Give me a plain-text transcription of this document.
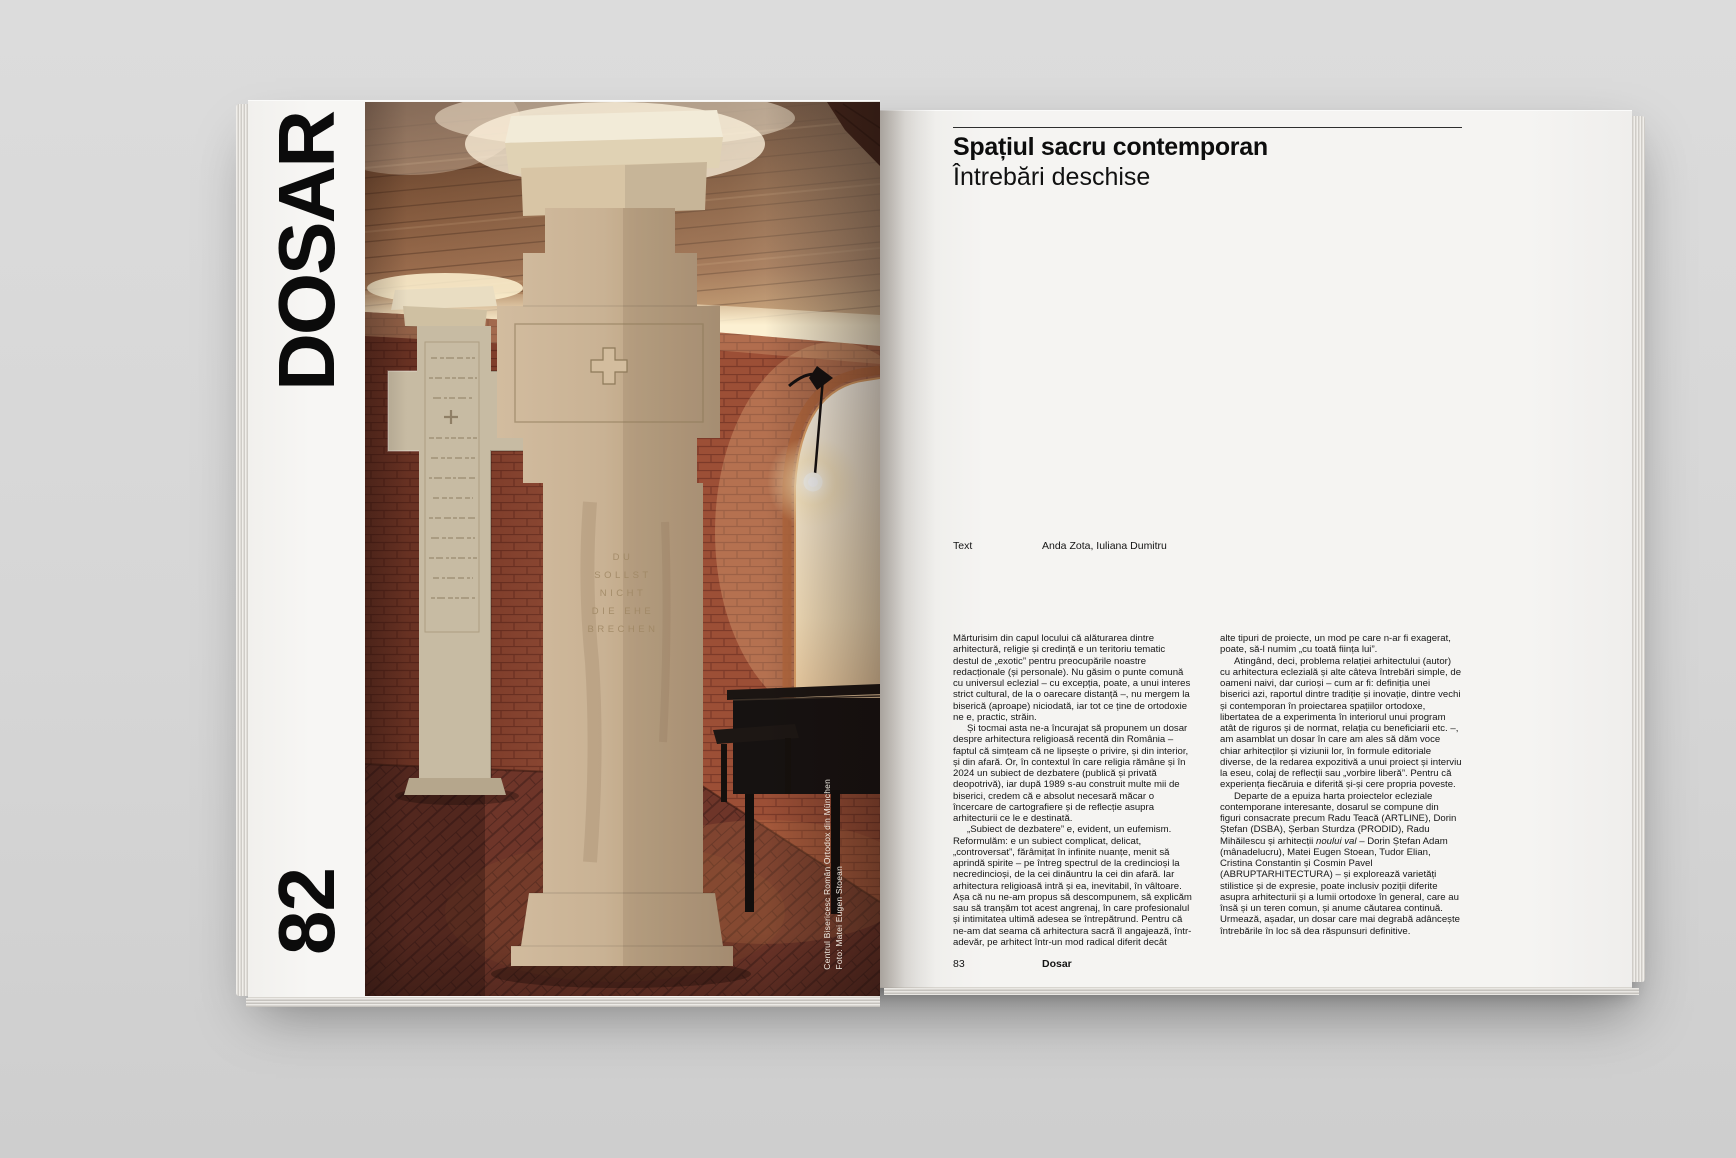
DOSAR
82
DU
SOLLST
NICHT
DIE EHE
BRECHEN
Centrul Bisericesc Român Ortodox din München Foto: Matei Eugen Stoean
Spațiul sacru contemporan
Întrebări deschise
Text	Anda Zota, Iuliana Dumitru

Mărturisim din capul locului că alăturarea dintre arhitectură, religie și credință e un teritoriu tematic destul de „exotic” pentru preocupările noastre redacționale (și personale). Nu găsim o punte comună cu universul eclezial – cu excepția, poate, a unui interes strict cultural, de la o oarecare distanță –, nu mergem la biserică (aproape) niciodată, iar tot ce ține de ortodoxie ne e, practic, străin.

Și tocmai asta ne-a încurajat să propunem un dosar despre arhitectura religioasă recentă din România – faptul că simțeam că ne lipsește o privire, și din interior, și din afară. Or, în contextul în care religia rămâne și în 2024 un subiect de dezbatere (publică și privată deopotrivă), iar după 1989 s-au construit multe mii de biserici, credem că e absolut necesară măcar o încercare de cartografiere și de reflecție asupra arhitecturii ce le e destinată.

„Subiect de dezbatere” e, evident, un eufemism. Reformulăm: e un subiect complicat, delicat, „controversat”, fărâmițat în infinite nuanțe, menit să aprindă spirite – pe întreg spectrul de la credincioși la necredincioși, de la cei dinăuntru la cei din afară. Iar arhitectura religioasă intră și ea, inevitabil, în vâltoare. Așa că nu ne-am propus să descompunem, să explicăm sau să tranșăm tot acest angrenaj, în care profesionalul și intimitatea ultimă adesea se întrepătrund. Pentru că ne-am dat seama că arhitectura sacră îl angajează, într-adevăr, pe arhitect într-un mod radical diferit decât

alte tipuri de proiecte, un mod pe care n-ar fi exagerat, poate, să-l numim „cu toată ființa lui”.

Atingând, deci, problema relației arhitectului (autor) cu arhitectura eclezială și alte câteva întrebări simple, de oameni naivi, dar curioși – cum ar fi: definiția unei biserici azi, raportul dintre tradiție și inovație, dintre vechi și contemporan în proiectarea spațiilor ortodoxe, libertatea de a experimenta în interiorul unui program atât de riguros și de normat, relația cu beneficiarii etc. –, am asamblat un dosar în care am ales să dăm voce chiar arhitecților și viziunii lor, în formule editoriale diverse, de la redarea expozitivă a unui proiect și interviu la eseu, colaj de reflecții sau „vorbire liberă”. Pentru că experiența fiecăruia e diferită și-și cere propria poveste.

Departe de a epuiza harta proiectelor ecleziale contemporane interesante, dosarul se compune din figuri consacrate precum Radu Teacă (ARTLINE), Dorin Ștefan (DSBA), Șerban Sturdza (PRODID), Radu Mihăilescu și arhitecții noului val – Dorin Ștefan Adam (mânadelucru), Matei Eugen Stoean, Tudor Elian, Cristina Constantin și Cosmin Pavel (ABRUPTARHITECTURA) – și explorează varietăți stilistice și de expresie, poate inclusiv poziții diferite asupra arhitecturii și a lumii ortodoxe în general, care au însă și un teren comun, și anume căutarea continuă. Urmează, așadar, un dosar care mai degrabă adâncește întrebările în loc să dea răspunsuri definitive.

83	Dosar
